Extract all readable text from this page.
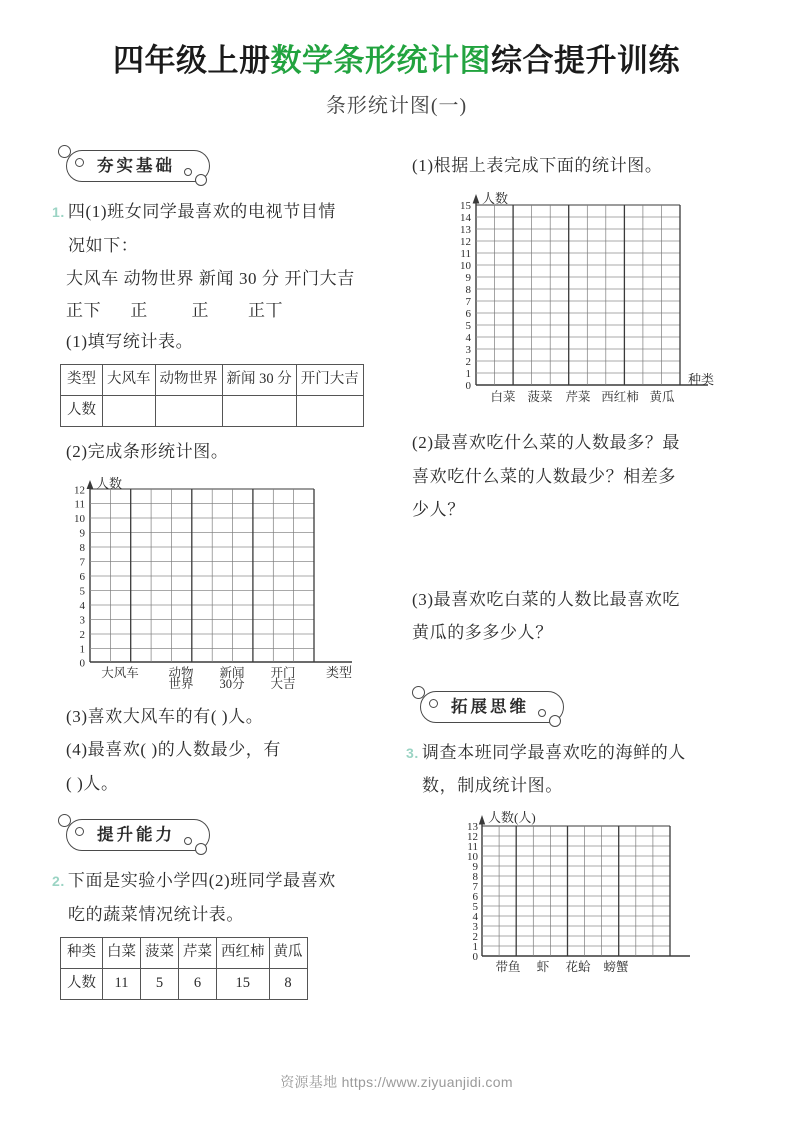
四年级上册数学条形统计图综合提升训练
条形统计图(一)
夯实基础
1. 四(1)班女同学最喜欢的电视节目情
况如下：
大风车 动物世界 新闻 30 分 开门大吉
正下      正         正        正丅
(1)填写统计表。
类型	大风车	动物世界	新闻 30 分	开门大吉
人数				
(2)完成条形统计图。
0
1
2
3
4
5
6
7
8
9
10
11
12 人数
类型
大风车 动物
世界
新闻
30分
开门
大吉
(3)喜欢大风车的有( )人。
(4)最喜欢( )的人数最少，有
( )人。
提升能力
2. 下面是实验小学四(2)班同学最喜欢
吃的蔬菜情况统计表。
种类	白菜	菠菜	芹菜	西红柿	黄瓜
人数	11	5	6	15	8
(1)根据上表完成下面的统计图。
0
1
2
3
4
5
6
7
8
9
10
11
12
13
14
15 人数
种类
白菜 菠菜 芹菜 西红柿 黄瓜
(2)最喜欢吃什么菜的人数最多？最
喜欢吃什么菜的人数最少？相差多
少人？
(3)最喜欢吃白菜的人数比最喜欢吃
黄瓜的多多少人？
拓展思维
3. 调查本班同学最喜欢吃的海鲜的人
数，制成统计图。
0
1
2
3
4
5
6
7
8
9
10
11
12
13
人数(人)
带鱼 虾 花蛤 螃蟹
资源基地 https://www.ziyuanjidi.com
